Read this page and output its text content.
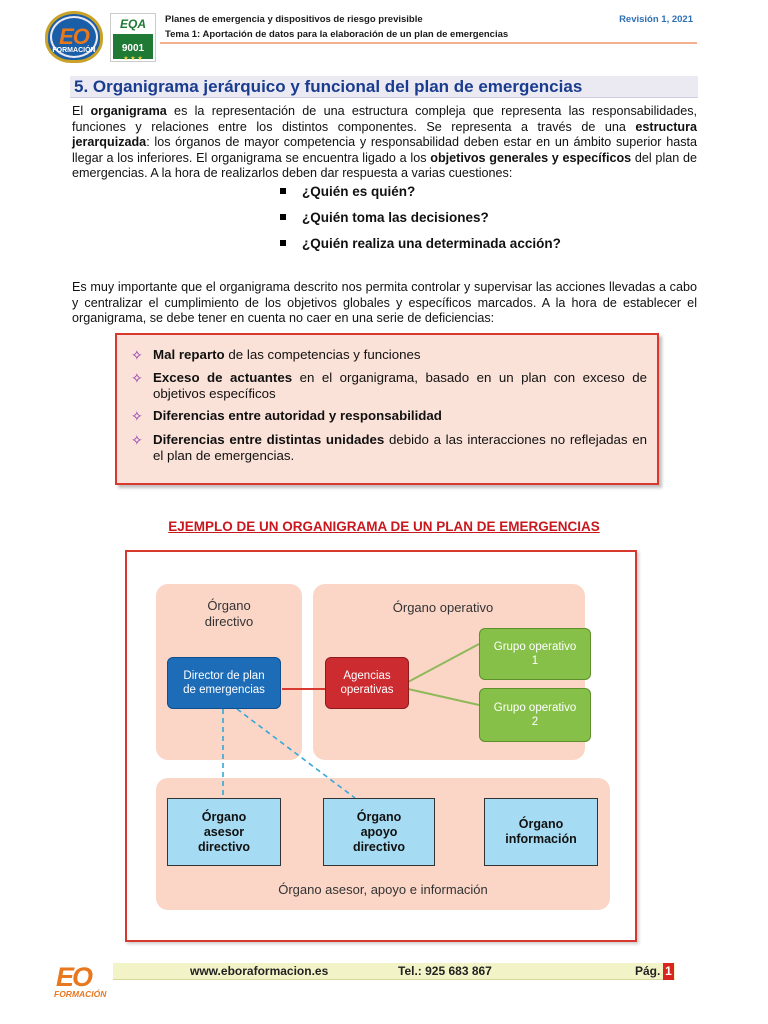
EO
FORMACIÓN
EQA
9001
★ ★ ★
Planes de emergencia y dispositivos de riesgo previsible
Tema 1: Aportación de datos para la elaboración de un plan de emergencias
Revisión 1, 2021
5. Organigrama jerárquico y funcional del plan de emergencias

El organigrama es la representación de una estructura compleja que representa las responsabilidades, funciones y relaciones entre los distintos componentes. Se representa a través de una estructura jerarquizada: los órganos de mayor competencia y responsabilidad deben estar en un ámbito superior hasta llegar a los inferiores. El organigrama se encuentra ligado a los objetivos generales y específicos del plan de emergencias. A la hora de realizarlos deben dar respuesta a varias cuestiones:

¿Quién es quién?
¿Quién toma las decisiones?
¿Quién realiza una determinada acción?

Es muy importante que el organigrama descrito nos permita controlar y supervisar las acciones llevadas a cabo y centralizar el cumplimiento de los objetivos globales y específicos marcados. A la hora de establecer el organigrama, se debe tener en cuenta no caer en una serie de deficiencias:

✧ Mal reparto de las competencias y funciones
✧ Exceso de actuantes en el organigrama, basado en un plan con exceso de objetivos específicos
✧ Diferencias entre autoridad y responsabilidad
✧ Diferencias entre distintas unidades debido a las interacciones no reflejadas en el plan de emergencias.
EJEMPLO DE UN ORGANIGRAMA DE UN PLAN DE EMERGENCIAS
Órgano
directivo
Órgano operativo
Órgano asesor, apoyo e información
Director de plan
de emergencias
Agencias
operativas
Grupo operativo
1
Grupo operativo
2
Órgano
asesor
directivo
Órgano
apoyo
directivo
Órgano
información
EO
FORMACIÓN
www.eboraformacion.es	Tel.: 925 683 867	Pág. 1
